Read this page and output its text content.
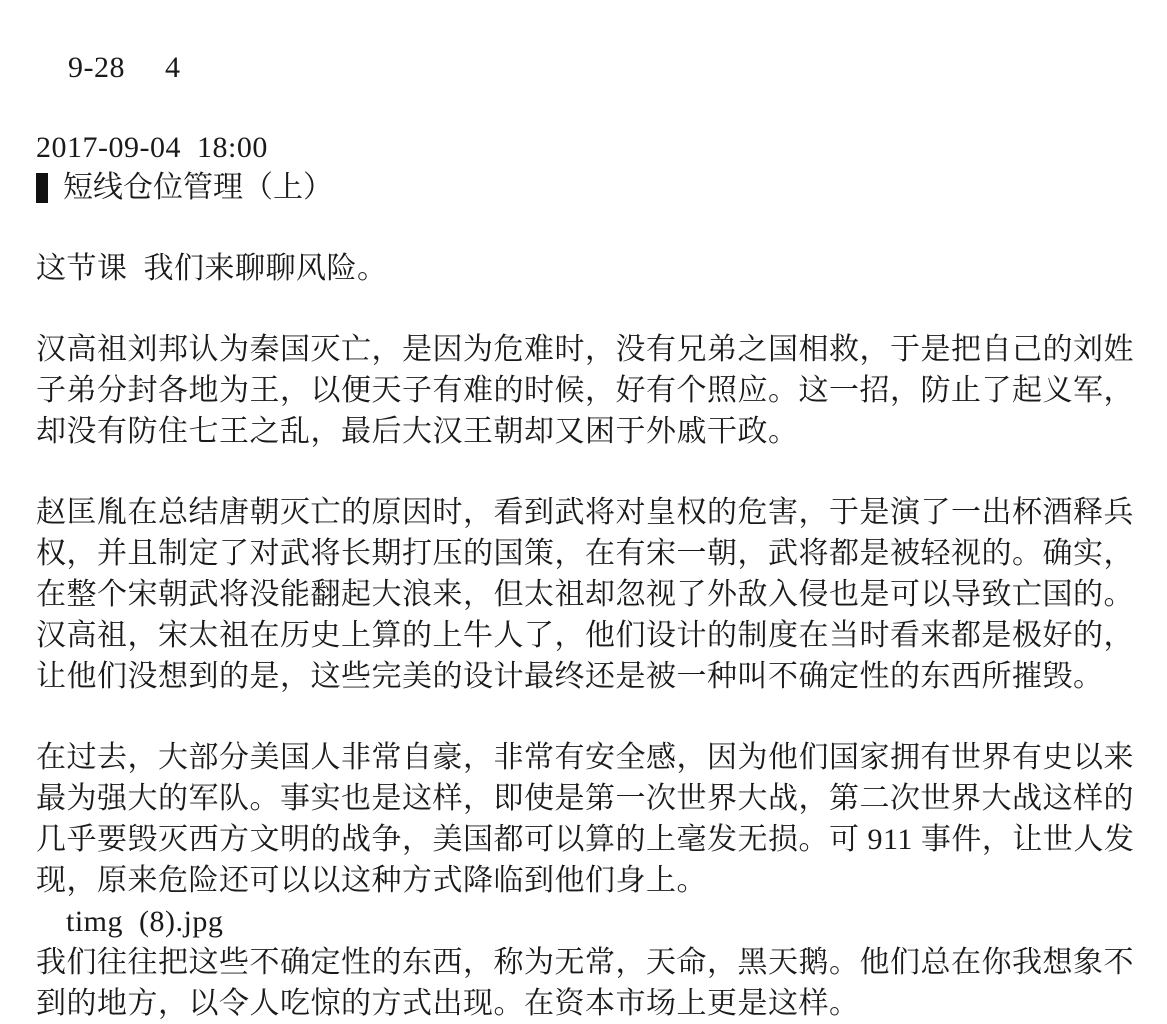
9-28 4

2017-09-04  18:00
短线仓位管理（上）

这节课  我们来聊聊风险。

汉高祖刘邦认为秦国灭亡，是因为危难时，没有兄弟之国相救，于是把自己的刘姓子弟分封各地为王，以便天子有难的时候，好有个照应。这一招，防止了起义军，却没有防住七王之乱，最后大汉王朝却又困于外戚干政。

赵匡胤在总结唐朝灭亡的原因时，看到武将对皇权的危害，于是演了一出杯酒释兵权，并且制定了对武将长期打压的国策，在有宋一朝，武将都是被轻视的。确实，在整个宋朝武将没能翻起大浪来，但太祖却忽视了外敌入侵也是可以导致亡国的。汉高祖，宋太祖在历史上算的上牛人了，他们设计的制度在当时看来都是极好的，让他们没想到的是，这些完美的设计最终还是被一种叫不确定性的东西所摧毁。

在过去，大部分美国人非常自豪，非常有安全感，因为他们国家拥有世界有史以来最为强大的军队。事实也是这样，即使是第一次世界大战，第二次世界大战这样的几乎要毁灭西方文明的战争，美国都可以算的上毫发无损。可 911 事件，让世人发现，原来危险还可以以这种方式降临到他们身上。

timg  (8).jpg

我们往往把这些不确定性的东西，称为无常，天命，黑天鹅。他们总在你我想象不到的地方，以令人吃惊的方式出现。在资本市场上更是这样。
